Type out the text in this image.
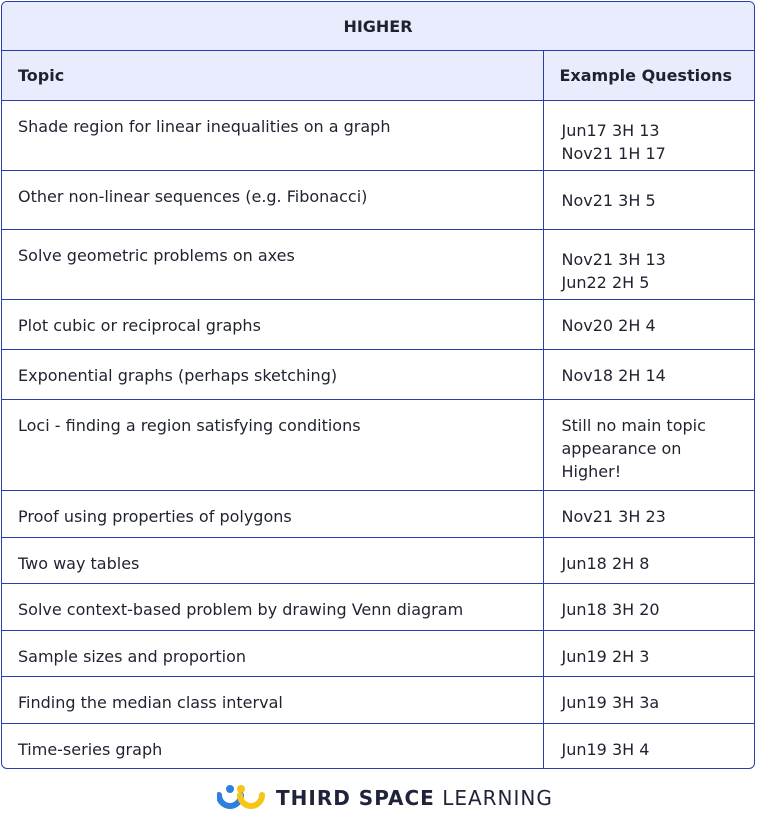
HIGHER	
Topic	Example Questions
Shade region for linear inequalities on a graph	Jun17 3H 13
Nov21 1H 17
Other non-linear sequences (e.g. Fibonacci)	Nov21 3H 5
Solve geometric problems on axes	Nov21 3H 13
Jun22 2H 5
Plot cubic or reciprocal graphs	Nov20 2H 4
Exponential graphs (perhaps sketching)	Nov18 2H 14
Loci - finding a region satisfying conditions	Still no main topic
appearance on
Higher!
Proof using properties of polygons	Nov21 3H 23
Two way tables	Jun18 2H 8
Solve context-based problem by drawing Venn diagram	Jun18 3H 20
Sample sizes and proportion	Jun19 2H 3
Finding the median class interval	Jun19 3H 3a
Time-series graph	Jun19 3H 4
THIRD SPACE LEARNING
